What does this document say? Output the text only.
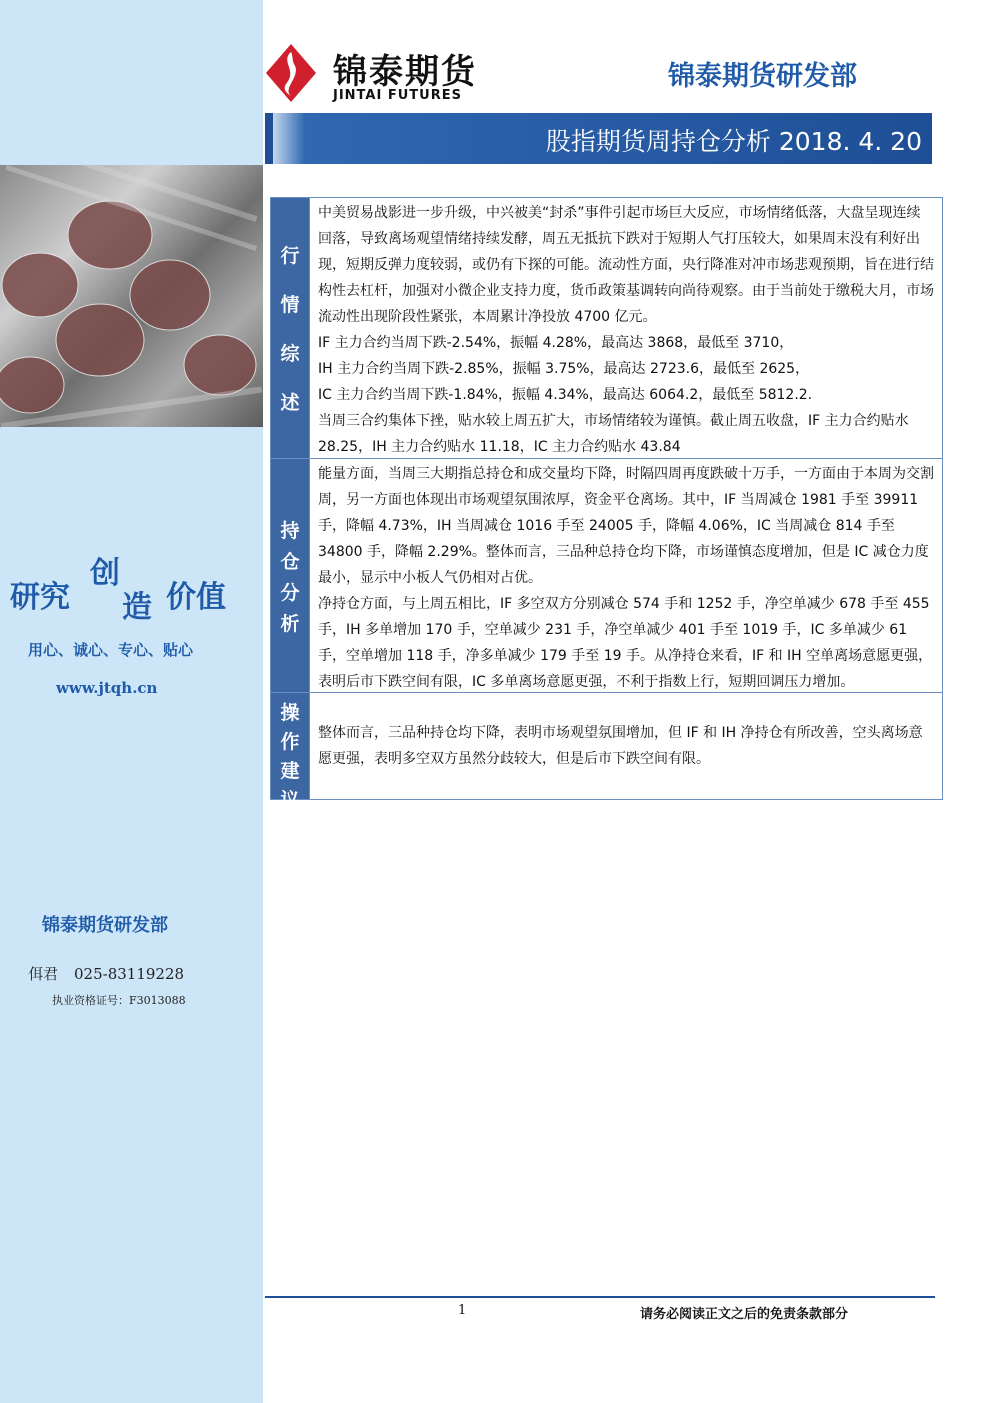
研究
创
造 价值
用心、诚心、专心、贴心
www.jtqh.cn
锦泰期货研发部
佴君 025-83119228
执业资格证号：F3013088
锦泰期货
JINTAI FUTURES
锦泰期货研发部
股指期货周持仓分析 2018. 4. 20
行
情
综
述

中美贸易战影进一步升级，中兴被美“封杀”事件引起市场巨大反应，市场情绪低落，大盘呈现连续回落，导致离场观望情绪持续发酵，周五无抵抗下跌对于短期人气打压较大，如果周末没有利好出现，短期反弹力度较弱，或仍有下探的可能。流动性方面，央行降准对冲市场悲观预期，旨在进行结构性去杠杆，加强对小微企业支持力度，货币政策基调转向尚待观察。由于当前处于缴税大月，市场流动性出现阶段性紧张，本周累计净投放 4700 亿元。

IF 主力合约当周下跌-2.54%，振幅 4.28%，最高达 3868，最低至 3710，

IH 主力合约当周下跌-2.85%，振幅 3.75%，最高达 2723.6，最低至 2625，

IC 主力合约当周下跌-1.84%，振幅 4.34%，最高达 6064.2，最低至 5812.2.

当周三合约集体下挫，贴水较上周五扩大，市场情绪较为谨慎。截止周五收盘，IF 主力合约贴水 28.25，IH 主力合约贴水 11.18，IC 主力合约贴水 43.84

持
仓
分
析

能量方面，当周三大期指总持仓和成交量均下降，时隔四周再度跌破十万手，一方面由于本周为交割周，另一方面也体现出市场观望氛围浓厚，资金平仓离场。其中，IF 当周减仓 1981 手至 39911 手，降幅 4.73%，IH 当周减仓 1016 手至 24005 手，降幅 4.06%，IC 当周减仓 814 手至 34800 手，降幅 2.29%。整体而言，三品种总持仓均下降，市场谨慎态度增加，但是 IC 减仓力度最小，显示中小板人气仍相对占优。

净持仓方面，与上周五相比，IF 多空双方分别减仓 574 手和 1252 手，净空单减少 678 手至 455 手，IH 多单增加 170 手，空单减少 231 手，净空单减少 401 手至 1019 手，IC 多单减少 61 手，空单增加 118 手，净多单减少 179 手至 19 手。从净持仓来看，IF 和 IH 空单离场意愿更强，表明后市下跌空间有限，IC 多单离场意愿更强，不利于指数上行，短期回调压力增加。

操
作
建
议

整体而言，三品种持仓均下降，表明市场观望氛围增加，但 IF 和 IH 净持仓有所改善，空头离场意愿更强，表明多空双方虽然分歧较大，但是后市下跌空间有限。

1	请务必阅读正文之后的免责条款部分
